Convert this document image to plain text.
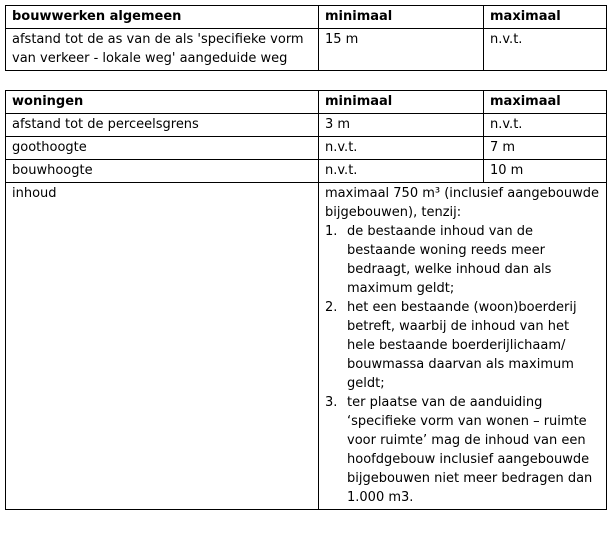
bouwwerken algemeen	minimaal	maximaal
afstand tot de as van de als 'specifieke vorm van verkeer - lokale weg' aangeduide weg	15 m	n.v.t.
woningen	minimaal	maximaal
afstand tot de perceelsgrens	3 m	n.v.t.
goothoogte	n.v.t.	7 m
bouwhoogte	n.v.t.	10 m
inhoud	maximaal 750 m³ (inclusief aangebouwde bijgebouwen), tenzij:

1. de bestaande inhoud van de bestaande woning reeds meer bedraagt, welke inhoud dan als maximum geldt;
2. het een bestaande (woon)boerderij betreft, waarbij de inhoud van het hele bestaande boerderijlichaam/ bouwmassa daarvan als maximum geldt;
3. ter plaatse van de aanduiding ‘specifieke vorm van wonen – ruimte voor ruimte’ mag de inhoud van een hoofdgebouw inclusief aangebouwde bijgebouwen niet meer bedragen dan 1.000 m3.
